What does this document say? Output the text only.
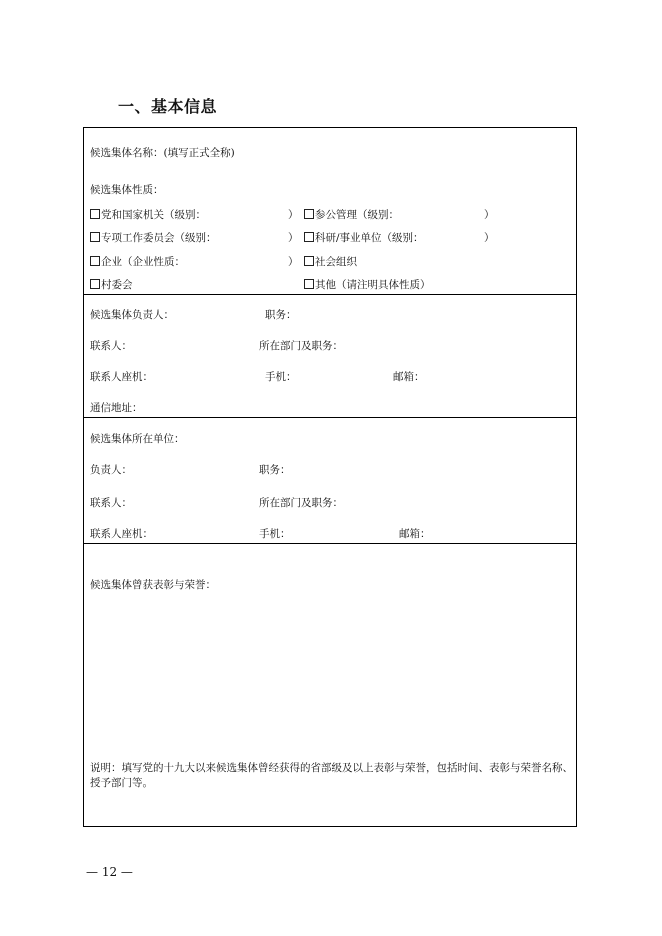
一、基本信息
候选集体名称：(填写正式全称)
候选集体性质：
党和国家机关（级别：	）	参公管理（级别：	）
专项工作委员会（级别：	）	科研/事业单位（级别：	）
企业（企业性质：	）	社会组织
村委会	其他（请注明具体性质）
候选集体负责人：	职务：
联系人：	所在部门及职务：
联系人座机：	手机：	邮箱：
通信地址：
候选集体所在单位：
负责人：	职务：
联系人：	所在部门及职务：
联系人座机：	手机：	邮箱：
候选集体曾获表彰与荣誉：
说明：填写党的十九大以来候选集体曾经获得的省部级及以上表彰与荣誉，包括时间、表彰与荣誉名称、授予部门等。
— 12 —
